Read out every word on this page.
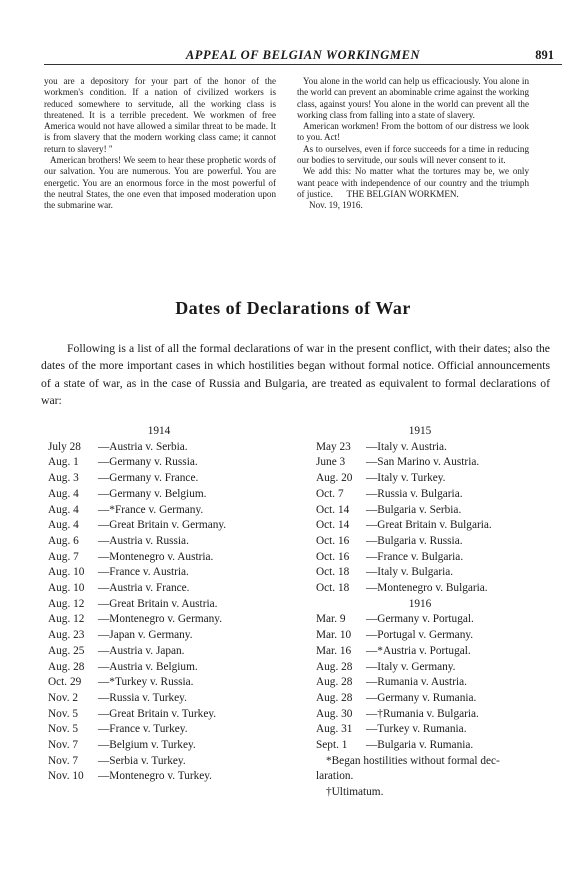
APPEAL OF BELGIAN WORKINGMEN	891

you are a depository for your part of the honor of the workmen's condition. If a nation of civilized workers is reduced somewhere to servitude, all the working class is threatened. It is a terrible precedent. We workmen of free America would not have allowed a similar threat to be made. It is from slavery that the modern working class came; it cannot return to slavery! "

American brothers! We seem to hear these prophetic words of our salvation. You are numerous. You are powerful. You are energetic. You are an enormous force in the most powerful of the neutral States, the one even that imposed moderation upon the submarine war.

You alone in the world can help us efficaciously. You alone in the world can prevent an abominable crime against the working class, against yours! You alone in the world can prevent all the working class from falling into a state of slavery.

American workmen! From the bottom of our distress we look to you. Act!

As to ourselves, even if force succeeds for a time in reducing our bodies to servitude, our souls will never consent to it.

We add this: No matter what the tortures may be, we only want peace with independence of our country and the triumph of justice. THE BELGIAN WORKMEN.

Nov. 19, 1916.

Dates of Declarations of War

Following is a list of all the formal declarations of war in the present conflict, with their dates; also the dates of the more important cases in which hostilities began without formal notice. Official announcements of a state of war, as in the case of Russia and Bulgaria, are treated as equivalent to formal declarations of war:

1914

July 28 —Austria v. Serbia.

Aug. 1 —Germany v. Russia.

Aug. 3 —Germany v. France.

Aug. 4 —Germany v. Belgium.

Aug. 4 —*France v. Germany.

Aug. 4 —Great Britain v. Germany.

Aug. 6 —Austria v. Russia.

Aug. 7 —Montenegro v. Austria.

Aug. 10 —France v. Austria.

Aug. 10 —Austria v. France.

Aug. 12 —Great Britain v. Austria.

Aug. 12 —Montenegro v. Germany.

Aug. 23 —Japan v. Germany.

Aug. 25 —Austria v. Japan.

Aug. 28 —Austria v. Belgium.

Oct. 29 —*Turkey v. Russia.

Nov. 2 —Russia v. Turkey.

Nov. 5 —Great Britain v. Turkey.

Nov. 5 —France v. Turkey.

Nov. 7 —Belgium v. Turkey.

Nov. 7 —Serbia v. Turkey.

Nov. 10 —Montenegro v. Turkey.

1915

May 23 —Italy v. Austria.

June 3 —San Marino v. Austria.

Aug. 20 —Italy v. Turkey.

Oct. 7 —Russia v. Bulgaria.

Oct. 14 —Bulgaria v. Serbia.

Oct. 14 —Great Britain v. Bulgaria.

Oct. 16 —Bulgaria v. Russia.

Oct. 16 —France v. Bulgaria.

Oct. 18 —Italy v. Bulgaria.

Oct. 18 —Montenegro v. Bulgaria.

1916

Mar. 9 —Germany v. Portugal.

Mar. 10 —Portugal v. Germany.

Mar. 16 —*Austria v. Portugal.

Aug. 28 —Italy v. Germany.

Aug. 28 —Rumania v. Austria.

Aug. 28 —Germany v. Rumania.

Aug. 30 —†Rumania v. Bulgaria.

Aug. 31 —Turkey v. Rumania.

Sept. 1 —Bulgaria v. Rumania.

*Began hostilities without formal dec-

laration.

†Ultimatum.
